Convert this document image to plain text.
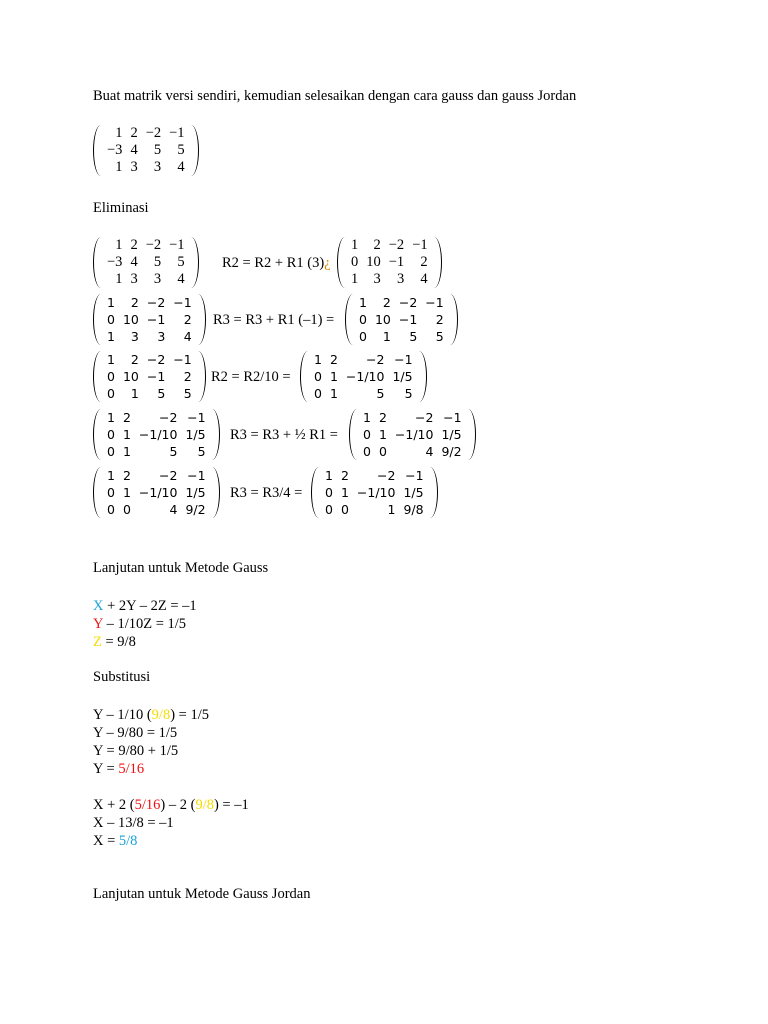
Buat matrik versi sendiri, kemudian selesaikan dengan cara gauss dan gauss Jordan
1	2	−2	−1
−3	4	5	5
1	3	3	4
Eliminasi
1	2	−2	−1
−3	4	5	5
1	3	3	4
R2 = R2 + R1 (3)¿
1	2	−2	−1
0	10	−1	2
1	3	3	4
1	2	−2	−1
0	10	−1	2
1	3	3	4
R3 = R3 + R1 (–1) =
1	2	−2	−1
0	10	−1	2
0	1	5	5
1	2	−2	−1
0	10	−1	2
0	1	5	5
R2 = R2/10 =
1	2	−2	−1
0	1	−1/10	1/5
0	1	5	5
1	2	−2	−1
0	1	−1/10	1/5
0	1	5	5
R3 = R3 + ½ R1 =
1	2	−2	−1
0	1	−1/10	1/5
0	0	4	9/2
1	2	−2	−1
0	1	−1/10	1/5
0	0	4	9/2
R3 = R3/4 =
1	2	−2	−1
0	1	−1/10	1/5
0	0	1	9/8
Lanjutan untuk Metode Gauss
X + 2Y – 2Z = –1
Y – 1/10Z = 1/5
Z = 9/8
Substitusi
Y – 1/10 (9/8) = 1/5
Y – 9/80 = 1/5
Y = 9/80 + 1/5
Y = 5/16
X + 2 (5/16) – 2 (9/8) = –1
X – 13/8 = –1
X = 5/8
Lanjutan untuk Metode Gauss Jordan
